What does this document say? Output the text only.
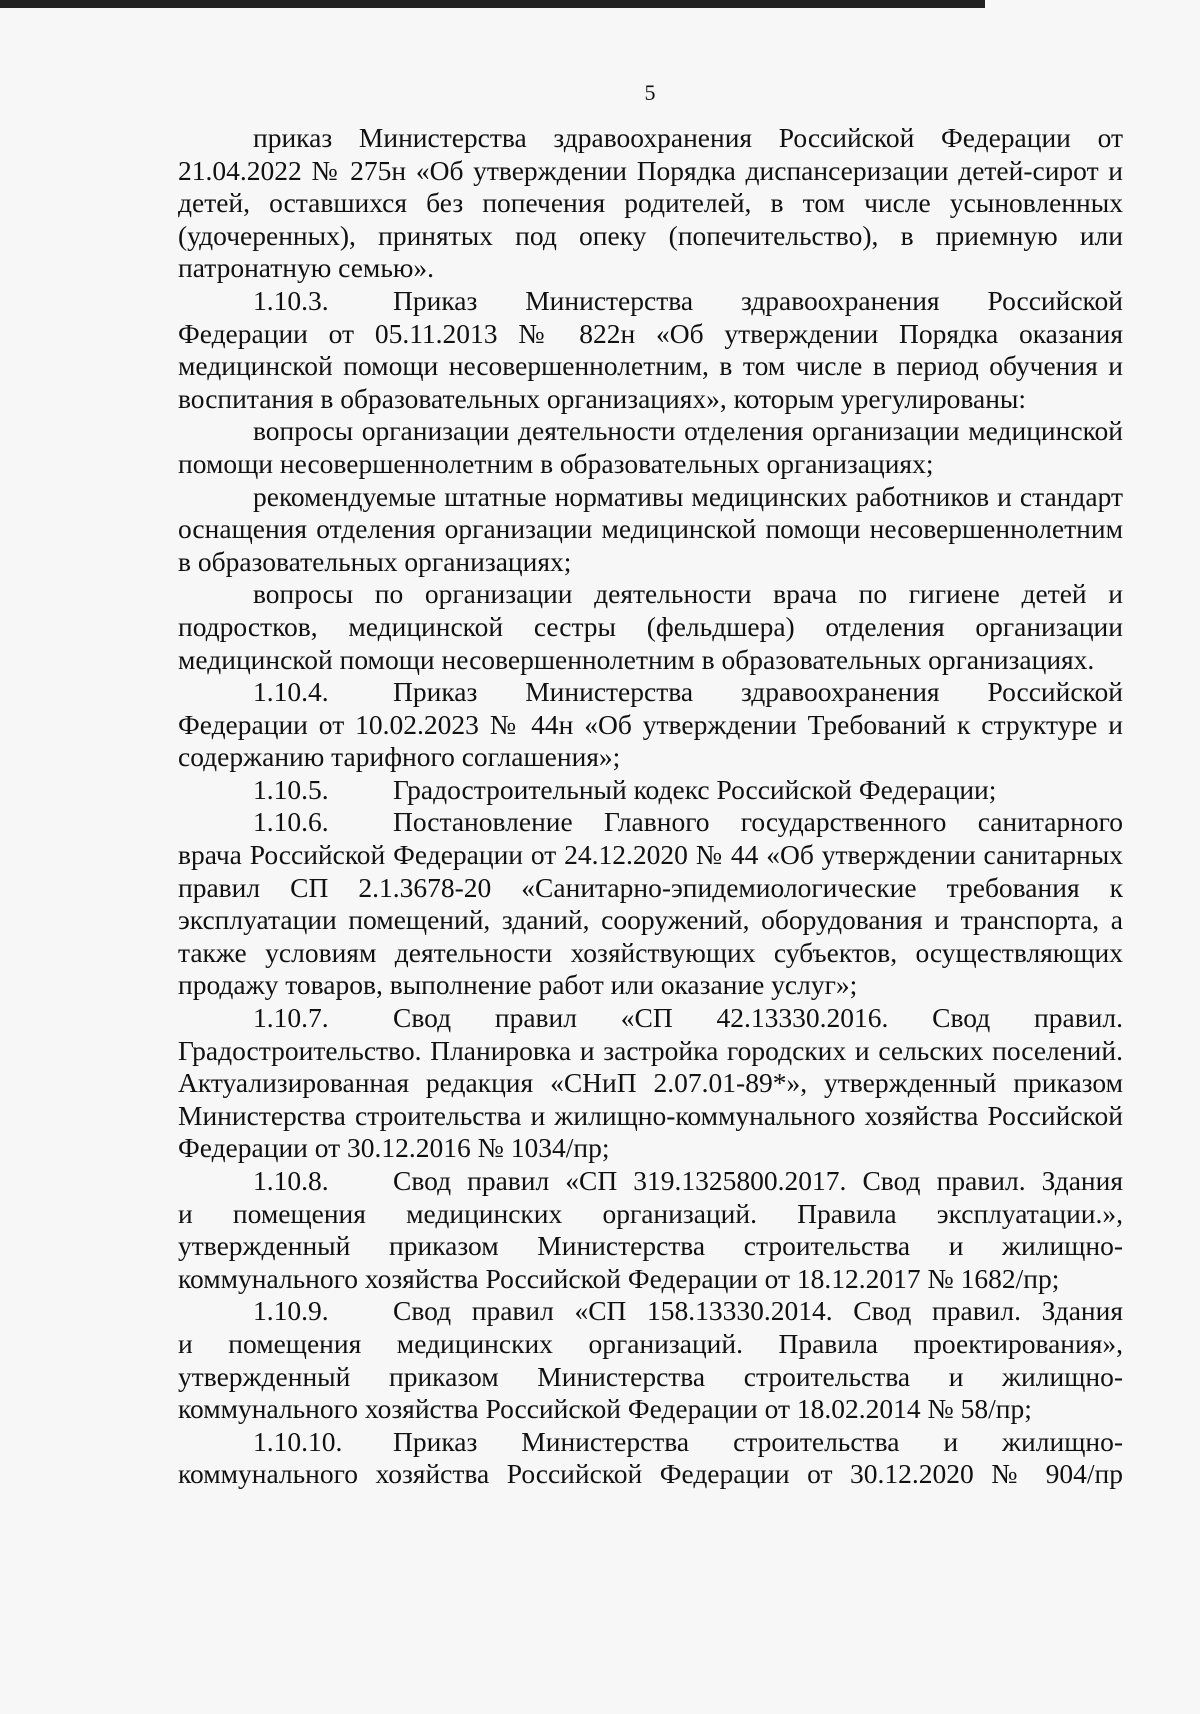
5

приказ Министерства здравоохранения Российской Федерации от 21.04.2022 № 275н «Об утверждении Порядка диспансеризации детей-сирот и детей, оставшихся без попечения родителей, в том числе усыновленных (удочеренных), принятых под опеку (попечительство), в приемную или патронатную семью».

1.10.3.	Приказ Министерства здравоохранения Российской

Федерации от 05.11.2013 № 822н «Об утверждении Порядка оказания медицинской помощи несовершеннолетним, в том числе в период обучения и воспитания в образовательных организациях», которым урегулированы:

вопросы организации деятельности отделения организации медицинской помощи несовершеннолетним в образовательных организациях;

рекомендуемые штатные нормативы медицинских работников и стандарт оснащения отделения организации медицинской помощи несовершеннолетним в образовательных организациях;

вопросы по организации деятельности врача по гигиене детей и подростков, медицинской сестры (фельдшера) отделения организации медицинской помощи несовершеннолетним в образовательных организациях.

1.10.4.	Приказ Министерства здравоохранения Российской

Федерации от 10.02.2023 № 44н «Об утверждении Требований к структуре и содержанию тарифного соглашения»;

1.10.5.	Градостроительный кодекс Российской Федерации;
1.10.6.	Постановление Главного государственного санитарного

врача Российской Федерации от 24.12.2020 № 44 «Об утверждении санитарных правил СП 2.1.3678-20 «Санитарно-эпидемиологические требования к эксплуатации помещений, зданий, сооружений, оборудования и транспорта, а также условиям деятельности хозяйствующих субъектов, осуществляющих продажу товаров, выполнение работ или оказание услуг»;

1.10.7.	Свод правил «СП 42.13330.2016. Свод правил.

Градостроительство. Планировка и застройка городских и сельских поселений. Актуализированная редакция «СНиП 2.07.01-89*», утвержденный приказом Министерства строительства и жилищно-коммунального хозяйства Российской Федерации от 30.12.2016 № 1034/пр;

1.10.8.	Свод правил «СП 319.1325800.2017. Свод правил. Здания

и помещения медицинских организаций. Правила эксплуатации.», утвержденный приказом Министерства строительства и жилищно-коммунального хозяйства Российской Федерации от 18.12.2017 № 1682/пр;

1.10.9.	Свод правил «СП 158.13330.2014. Свод правил. Здания

и помещения медицинских организаций. Правила проектирования», утвержденный приказом Министерства строительства и жилищно-коммунального хозяйства Российской Федерации от 18.02.2014 № 58/пр;

1.10.10.	Приказ Министерства строительства и жилищно-

коммунального хозяйства Российской Федерации от 30.12.2020 № 904/пр
